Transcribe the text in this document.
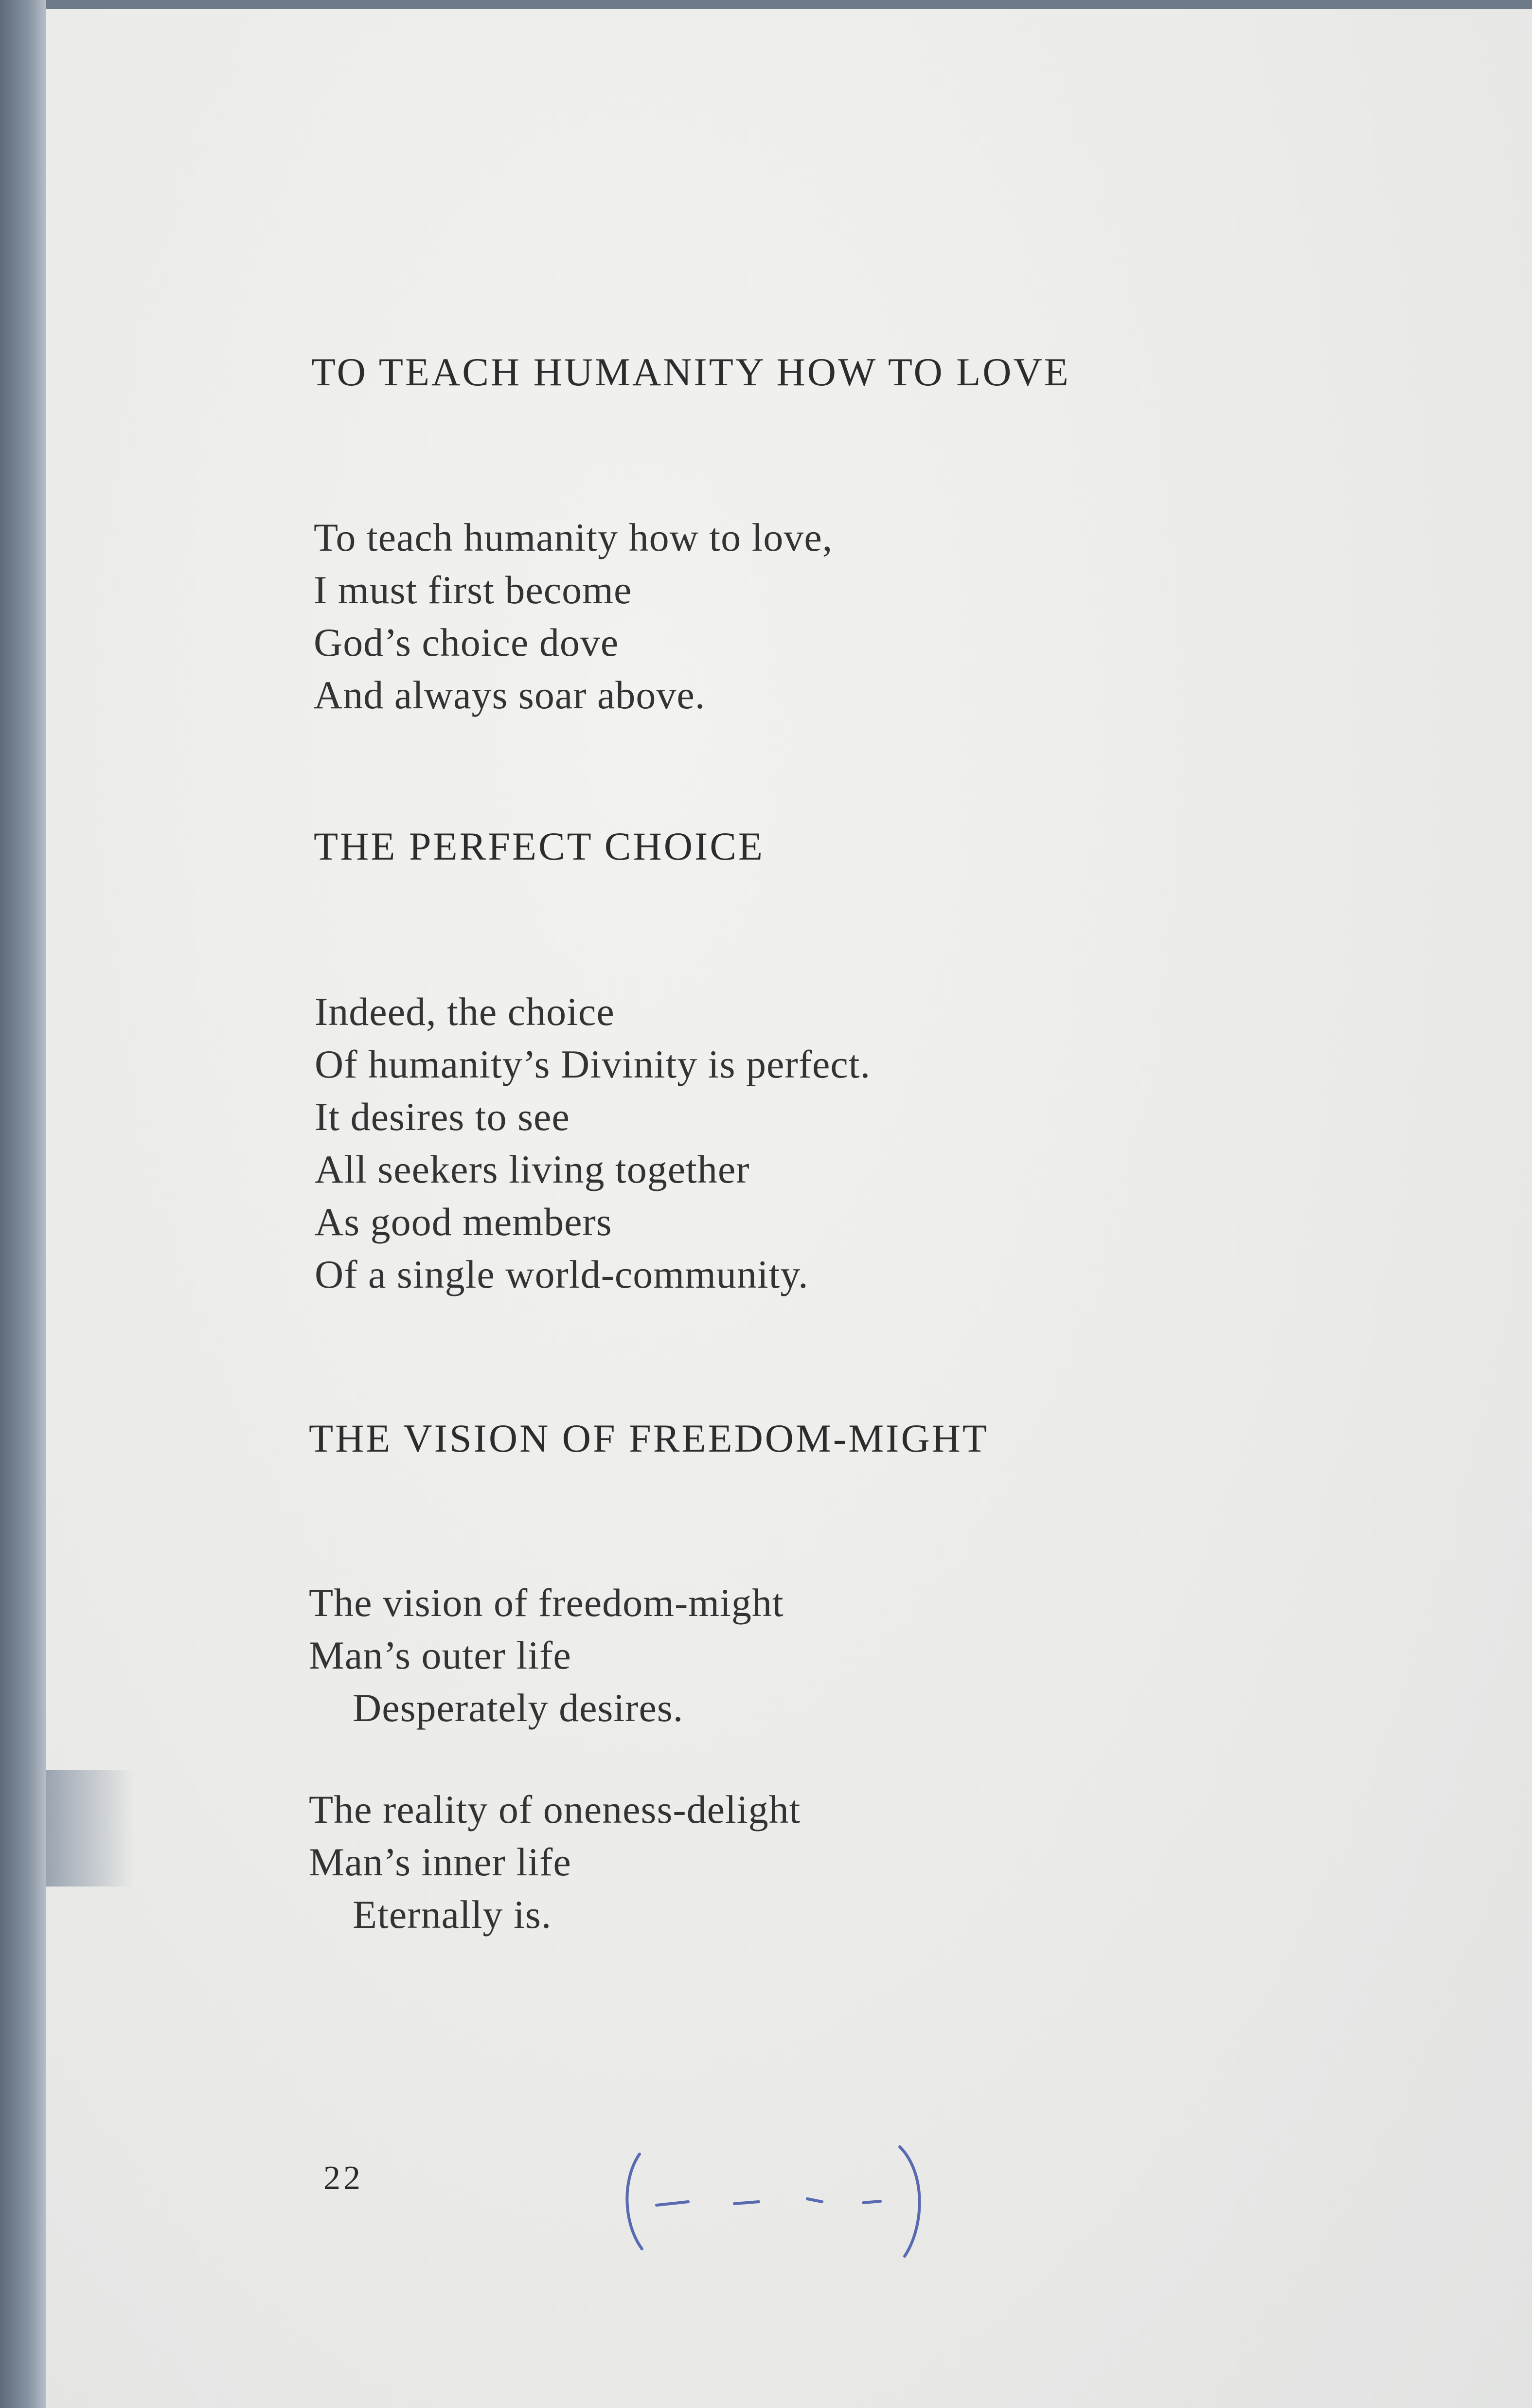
TO TEACH HUMANITY HOW TO LOVE
To teach humanity how to love,
I must first become
God’s choice dove
And always soar above.
THE PERFECT CHOICE
Indeed, the choice
Of humanity’s Divinity is perfect.
It desires to see
All seekers living together
As good members
Of a single world-community.
THE VISION OF FREEDOM-MIGHT
The vision of freedom-might
Man’s outer life
Desperately desires.
The reality of oneness-delight
Man’s inner life
Eternally is.
22
